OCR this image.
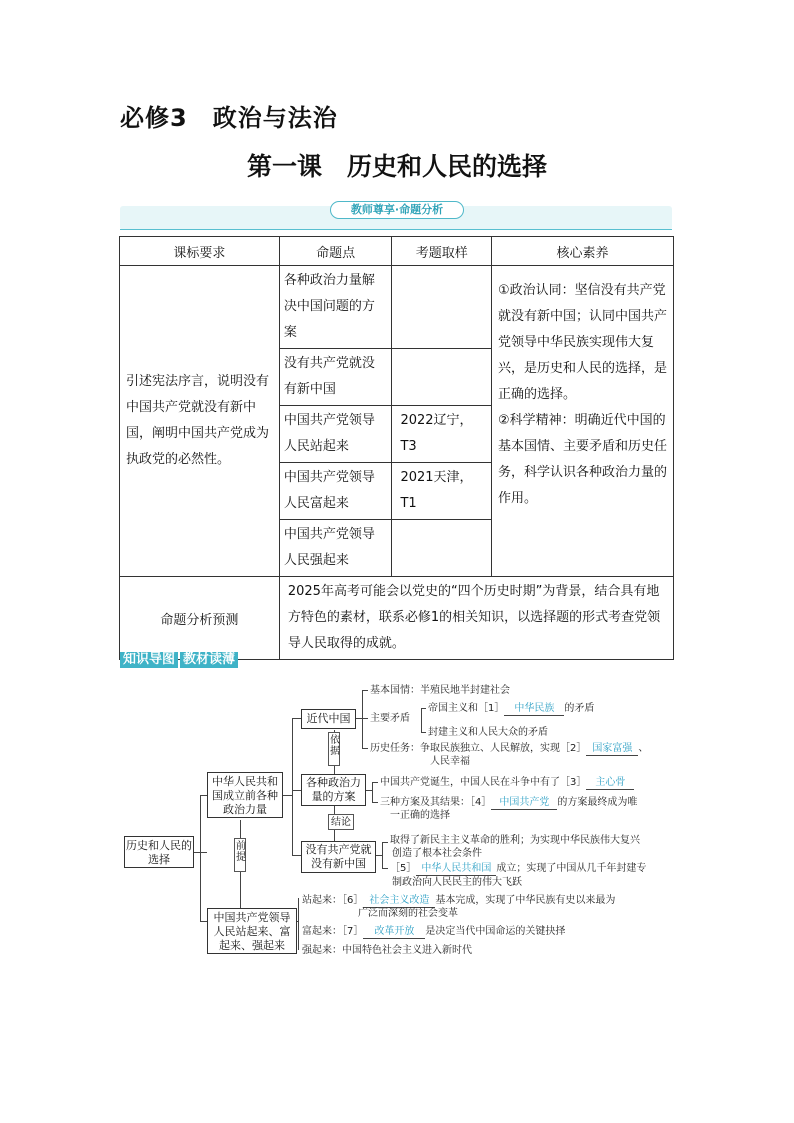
必修3　政治与法治
第一课　历史和人民的选择
教师尊享·命题分析
课标要求	命题点	考题取样	核心素养

引述宪法序言，说明没有中国共产党就没有新中国，阐明中国共产党成为执政党的必然性。	各种政治力量解决中国问题的方案		①政治认同：坚信没有共产党就没有新中国；认同中国共产党领导中华民族实现伟大复兴，是历史和人民的选择，是正确的选择。
②科学精神：明确近代中国的基本国情、主要矛盾和历史任务，科学认识各种政治力量的作用。

	没有共产党就没有新中国		

	中国共产党领导人民站起来	2022辽宁，T3	

	中国共产党领导人民富起来	2021天津，T1	

	中国共产党领导人民强起来		

命题分析预测	2025年高考可能会以党史的“四个历史时期”为背景，结合具有地方特色的素材，联系必修1的相关知识，以选择题的形式考查党领导人民取得的成就。		
知识导图 教材读薄
历史和人民的选择
中华人民共和国成立前各种政治力量
中国共产党领导人民站起来、富起来、强起来
前提
近代中国
各种政治力量的方案
没有共产党就没有新中国
依据
结论
基本国情：半殖民地半封建社会
主要矛盾
帝国主义和［1］ 中华民族 的矛盾
封建主义和人民大众的矛盾
历史任务：争取民族独立、人民解放，实现［2］ 国家富强 、
人民幸福
中国共产党诞生，中国人民在斗争中有了［3］ 主心骨
三种方案及其结果：［4］ 中国共产党 的方案最终成为唯
一正确的选择
取得了新民主主义革命的胜利；为实现中华民族伟大复兴
创造了根本社会条件
［5］ 中华人民共和国 成立；实现了中国从几千年封建专
制政治向人民民主的伟大飞跃
站起来：［6］ 社会主义改造 基本完成，实现了中华民族有史以来最为
广泛而深刻的社会变革
富起来：［7］ 改革开放 是决定当代中国命运的关键抉择
强起来：中国特色社会主义进入新时代
